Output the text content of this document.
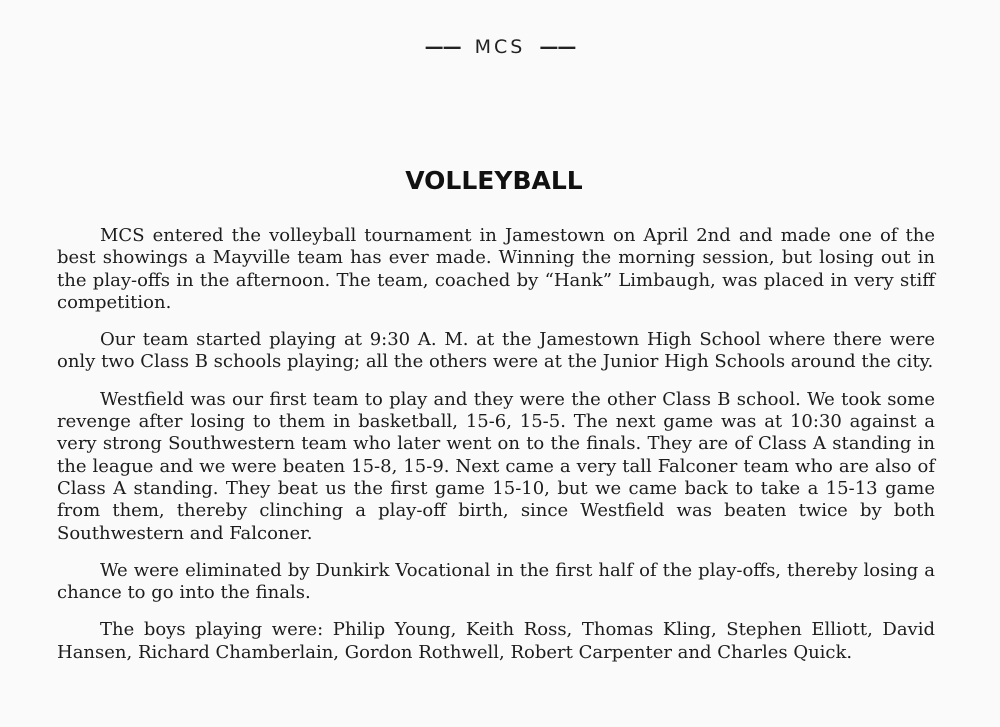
—— MCS ——
VOLLEYBALL

MCS entered the volleyball tournament in Jamestown on April 2nd and made one of the best showings a Mayville team has ever made. Winning the morning session, but losing out in the play-offs in the afternoon. The team, coached by “Hank” Limbaugh, was placed in very stiff competition.

Our team started playing at 9:30 A. M. at the Jamestown High School where there were only two Class B schools playing; all the others were at the Junior High Schools around the city.

Westfield was our first team to play and they were the other Class B school. We took some revenge after losing to them in basketball, 15-6, 15-5. The next game was at 10:30 against a very strong Southwestern team who later went on to the finals. They are of Class A standing in the league and we were beaten 15-8, 15-9. Next came a very tall Falconer team who are also of Class A standing. They beat us the first game 15-10, but we came back to take a 15-13 game from them, thereby clinching a play-off birth, since Westfield was beaten twice by both Southwestern and Falconer.

We were eliminated by Dunkirk Vocational in the first half of the play-offs, thereby losing a chance to go into the finals.

The boys playing were: Philip Young, Keith Ross, Thomas Kling, Stephen Elliott, David Hansen, Richard Chamberlain, Gordon Rothwell, Robert Carpenter and Charles Quick.
